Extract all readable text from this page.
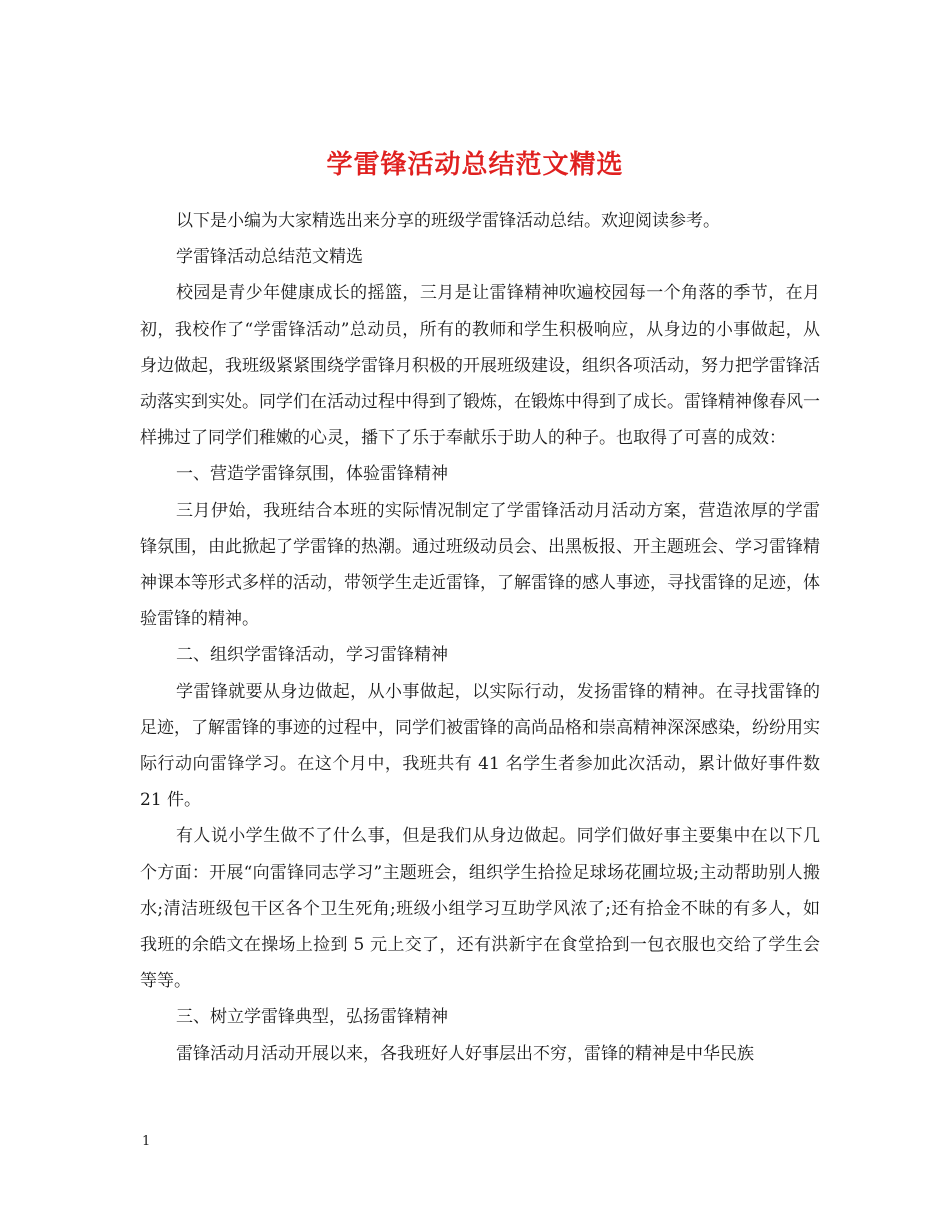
学雷锋活动总结范文精选

以下是小编为大家精选出来分享的班级学雷锋活动总结。欢迎阅读参考。

学雷锋活动总结范文精选

校园是青少年健康成长的摇篮，三月是让雷锋精神吹遍校园每一个角落的季节，在月初，我校作了“学雷锋活动”总动员，所有的教师和学生积极响应，从身边的小事做起，从身边做起，我班级紧紧围绕学雷锋月积极的开展班级建设，组织各项活动，努力把学雷锋活动落实到实处。同学们在活动过程中得到了锻炼，在锻炼中得到了成长。雷锋精神像春风一样拂过了同学们稚嫩的心灵，播下了乐于奉献乐于助人的种子。也取得了可喜的成效：

一、营造学雷锋氛围，体验雷锋精神

三月伊始，我班结合本班的实际情况制定了学雷锋活动月活动方案，营造浓厚的学雷锋氛围，由此掀起了学雷锋的热潮。通过班级动员会、出黑板报、开主题班会、学习雷锋精神课本等形式多样的活动，带领学生走近雷锋，了解雷锋的感人事迹，寻找雷锋的足迹，体验雷锋的精神。

二、组织学雷锋活动，学习雷锋精神

学雷锋就要从身边做起，从小事做起，以实际行动，发扬雷锋的精神。在寻找雷锋的足迹，了解雷锋的事迹的过程中，同学们被雷锋的高尚品格和崇高精神深深感染，纷纷用实际行动向雷锋学习。在这个月中，我班共有 41 名学生者参加此次活动，累计做好事件数 21 件。

有人说小学生做不了什么事，但是我们从身边做起。同学们做好事主要集中在以下几个方面：开展“向雷锋同志学习”主题班会，组织学生拾捡足球场花圃垃圾;主动帮助别人搬水;清洁班级包干区各个卫生死角;班级小组学习互助学风浓了;还有拾金不昧的有多人，如我班的余皓文在操场上捡到 5 元上交了，还有洪新宇在食堂拾到一包衣服也交给了学生会等等。

三、树立学雷锋典型，弘扬雷锋精神

雷锋活动月活动开展以来，各我班好人好事层出不穷，雷锋的精神是中华民族

1
